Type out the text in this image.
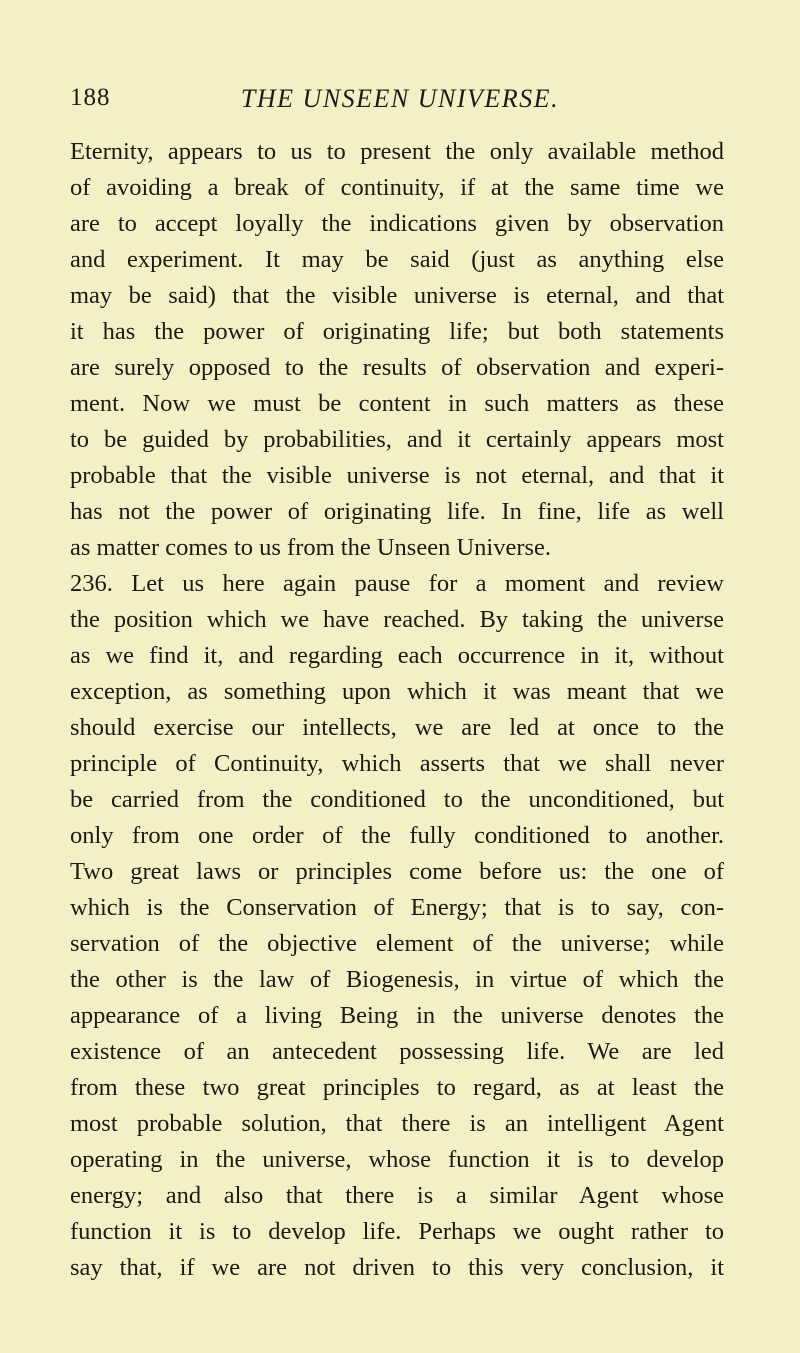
188	THE UNSEEN UNIVERSE.
Eternity, appears to us to present the only available method
of avoiding a break of continuity, if at the same time we
are to accept loyally the indications given by observation
and experiment. It may be said (just as anything else
may be said) that the visible universe is eternal, and that
it has the power of originating life; but both statements
are surely opposed to the results of observation and experi-
ment. Now we must be content in such matters as these
to be guided by probabilities, and it certainly appears most
probable that the visible universe is not eternal, and that it
has not the power of originating life. In fine, life as well
as matter comes to us from the Unseen Universe.
236. Let us here again pause for a moment and review
the position which we have reached. By taking the universe
as we find it, and regarding each occurrence in it, without
exception, as something upon which it was meant that we
should exercise our intellects, we are led at once to the
principle of Continuity, which asserts that we shall never
be carried from the conditioned to the unconditioned, but
only from one order of the fully conditioned to another.
Two great laws or principles come before us: the one of
which is the Conservation of Energy; that is to say, con-
servation of the objective element of the universe; while
the other is the law of Biogenesis, in virtue of which the
appearance of a living Being in the universe denotes the
existence of an antecedent possessing life. We are led
from these two great principles to regard, as at least the
most probable solution, that there is an intelligent Agent
operating in the universe, whose function it is to develop
energy; and also that there is a similar Agent whose
function it is to develop life. Perhaps we ought rather to
say that, if we are not driven to this very conclusion, it
